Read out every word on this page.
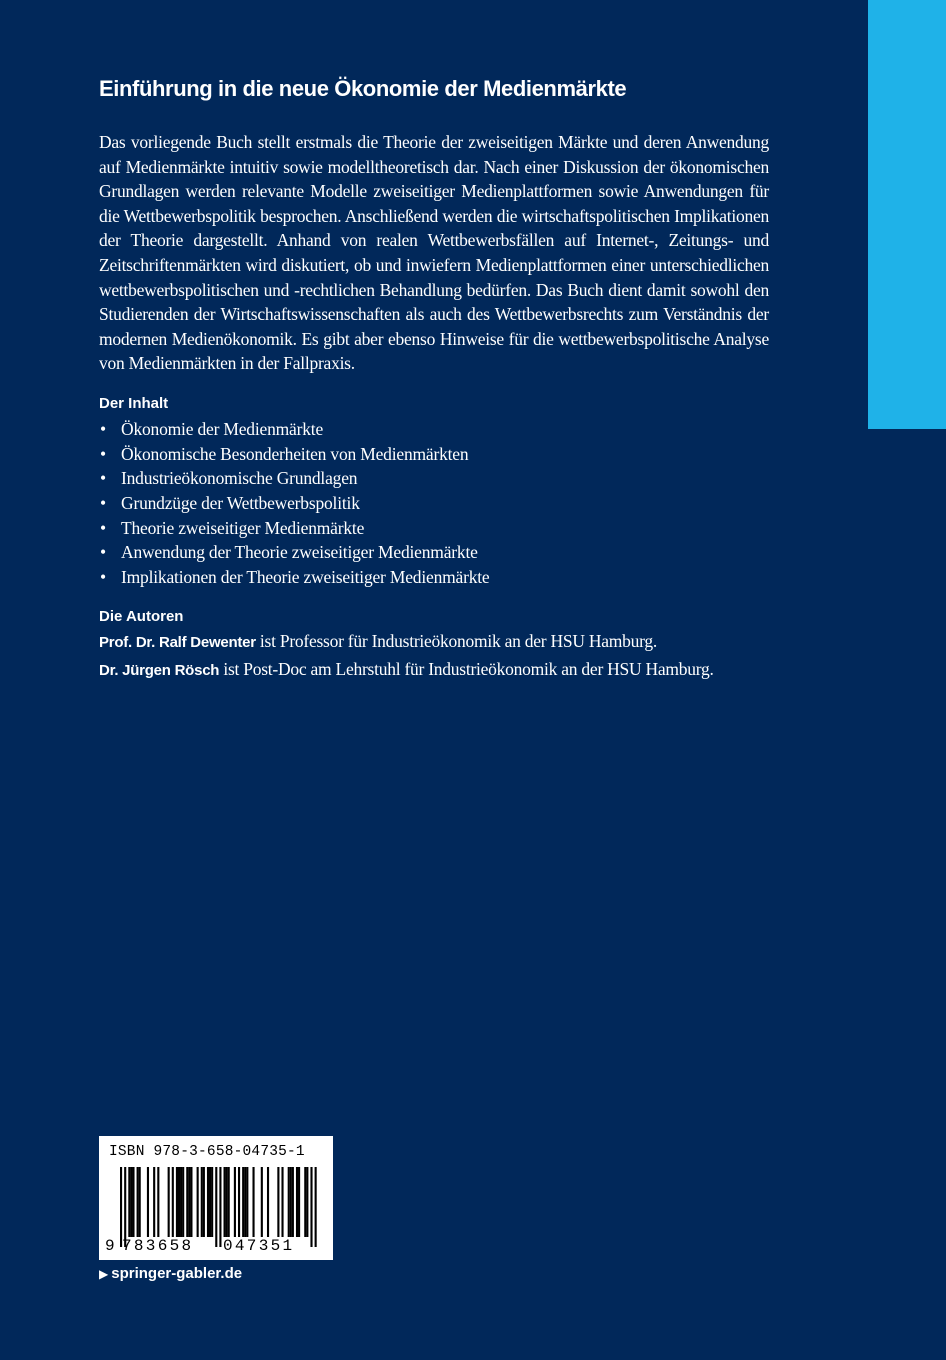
Einführung in die neue Ökonomie der Medienmärkte

Das vorliegende Buch stellt erstmals die Theorie der zweiseitigen Märkte und deren Anwendung auf Medienmärkte intuitiv sowie modelltheoretisch dar. Nach einer Diskussion der ökonomischen Grundlagen werden relevante Modelle zweiseitiger Medienplattformen sowie Anwendungen für die Wettbewerbspolitik besprochen. Anschließend werden die wirtschaftspolitischen Implikationen der Theorie dargestellt. Anhand von realen Wettbewerbsfällen auf Internet-, Zeitungs- und Zeitschriftenmärkten wird diskutiert, ob und inwiefern Medienplattformen einer unterschiedlichen wettbewerbspolitischen und -rechtlichen Behandlung bedürfen. Das Buch dient damit sowohl den Studierenden der Wirtschaftswissenschaften als auch des Wettbewerbsrechts zum Verständnis der modernen Medienökonomik. Es gibt aber ebenso Hinweise für die wettbewerbspolitische Analyse von Medienmärkten in der Fallpraxis.

Der Inhalt
• Ökonomie der Medienmärkte
• Ökonomische Besonderheiten von Medienmärkten
• Industrieökonomische Grundlagen
• Grundzüge der Wettbewerbspolitik
• Theorie zweiseitiger Medienmärkte
• Anwendung der Theorie zweiseitiger Medienmärkte
• Implikationen der Theorie zweiseitiger Medienmärkte
Die Autoren
Prof. Dr. Ralf Dewenter ist Professor für Industrieökonomik an der HSU Hamburg.
Dr. Jürgen Rösch ist Post-Doc am Lehrstuhl für Industrieökonomik an der HSU Hamburg.
ISBN 978-3-658-04735-1
9 783658 047351
▶ springer-gabler.de
